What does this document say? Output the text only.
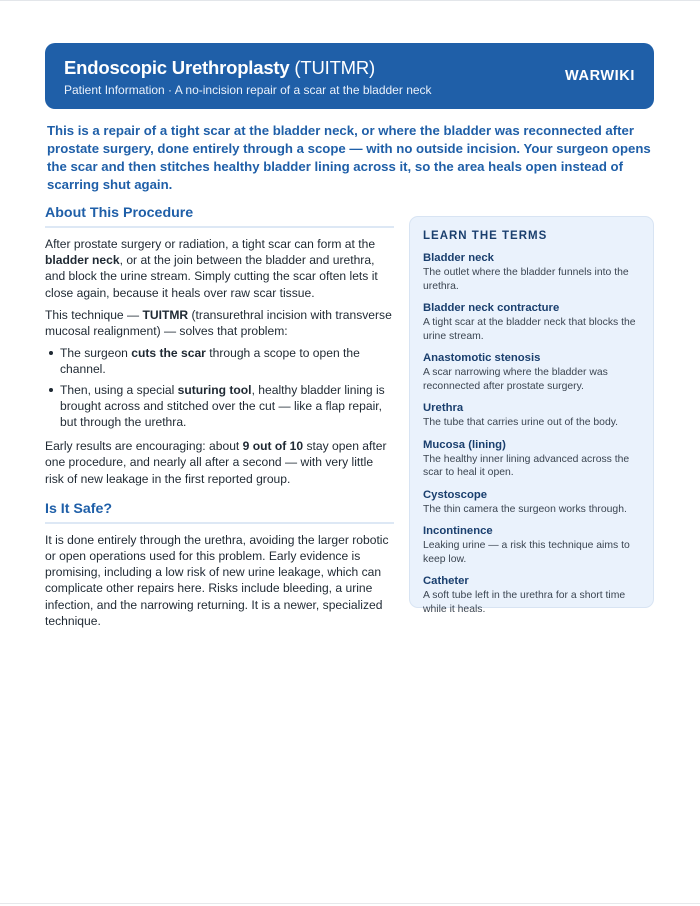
Endoscopic Urethroplasty (TUITMR)
Patient Information · A no-incision repair of a scar at the bladder neck
WARWIKI

This is a repair of a tight scar at the bladder neck, or where the bladder was reconnected after prostate surgery, done entirely through a scope — with no outside incision. Your surgeon opens the scar and then stitches healthy bladder lining across it, so the area heals open instead of scarring shut again.

About This Procedure

After prostate surgery or radiation, a tight scar can form at the bladder neck, or at the join between the bladder and urethra, and block the urine stream. Simply cutting the scar often lets it close again, because it heals over raw scar tissue.

This technique — TUITMR (transurethral incision with transverse mucosal realignment) — solves that problem:

The surgeon cuts the scar through a scope to open the channel.
Then, using a special suturing tool, healthy bladder lining is brought across and stitched over the cut — like a flap repair, but through the urethra.

Early results are encouraging: about 9 out of 10 stay open after one procedure, and nearly all after a second — with very little risk of new leakage in the first reported group.

Is It Safe?

It is done entirely through the urethra, avoiding the larger robotic or open operations used for this problem. Early evidence is promising, including a low risk of new urine leakage, which can complicate other repairs here. Risks include bleeding, a urine infection, and the narrowing returning. It is a newer, specialized technique.

LEARN THE TERMS
Bladder neck
The outlet where the bladder funnels into the urethra.
Bladder neck contracture
A tight scar at the bladder neck that blocks the urine stream.
Anastomotic stenosis
A scar narrowing where the bladder was reconnected after prostate surgery.
Urethra
The tube that carries urine out of the body.
Mucosa (lining)
The healthy inner lining advanced across the scar to heal it open.
Cystoscope
The thin camera the surgeon works through.
Incontinence
Leaking urine — a risk this technique aims to keep low.
Catheter
A soft tube left in the urethra for a short time while it heals.
